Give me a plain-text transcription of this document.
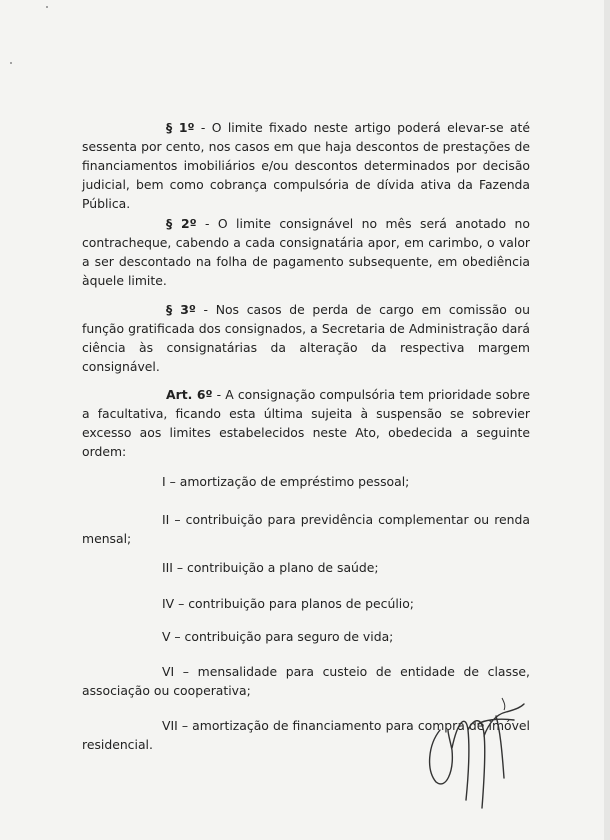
§ 1º - O limite fixado neste artigo poderá elevar-se até sessenta por cento, nos casos em que haja descontos de prestações de financiamentos imobiliários e/ou descontos determinados por decisão judicial, bem como cobrança compulsória de dívida ativa da Fazenda Pública.
§ 2º - O limite consignável no mês será anotado no contracheque, cabendo a cada consignatária apor, em carimbo, o valor a ser descontado na folha de pagamento subsequente, em obediência àquele limite.
§ 3º - Nos casos de perda de cargo em comissão ou função gratificada dos consignados, a Secretaria de Administração dará ciência às consignatárias da alteração da respectiva margem consignável.
Art. 6º - A consignação compulsória tem prioridade sobre a facultativa, ficando esta última sujeita à suspensão se sobrevier excesso aos limites estabelecidos neste Ato, obedecida a seguinte ordem:
I – amortização de empréstimo pessoal;
II – contribuição para previdência complementar ou renda mensal;
III – contribuição a plano de saúde;
IV – contribuição para planos de pecúlio;
V – contribuição para seguro de vida;
VI – mensalidade para custeio de entidade de classe, associação ou cooperativa;
VII – amortização de financiamento para compra de imóvel residencial.
